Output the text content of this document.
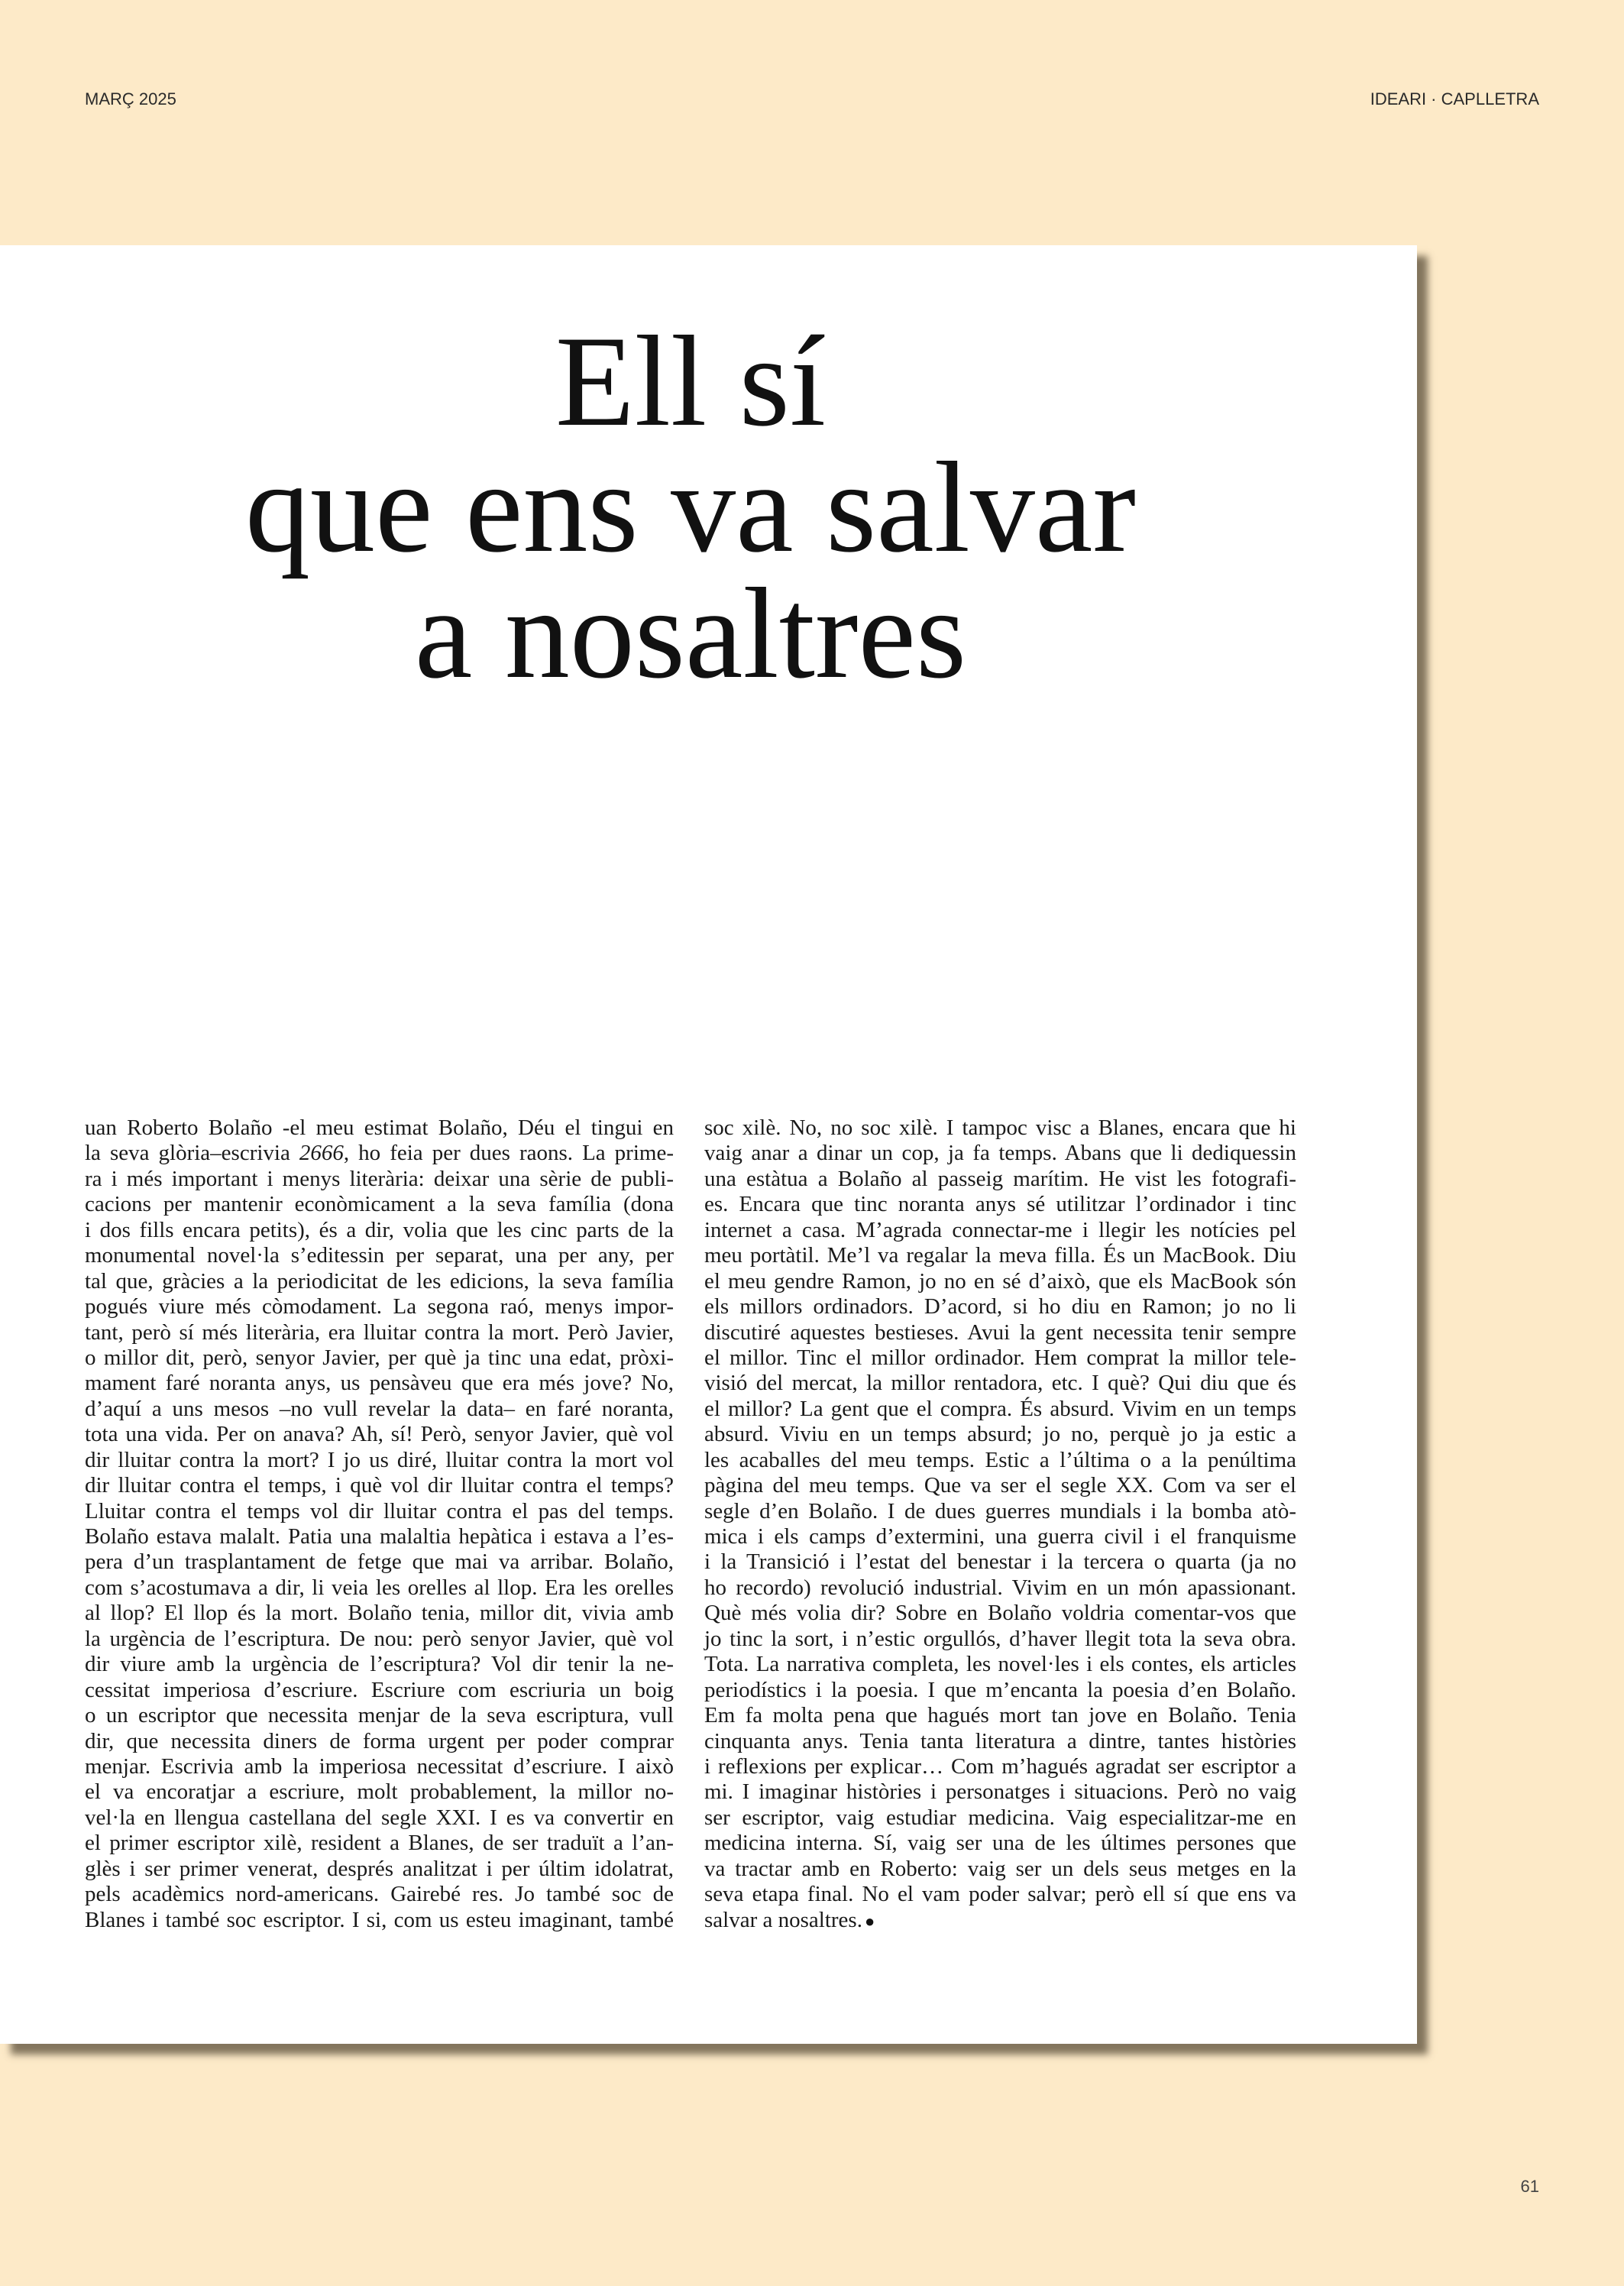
MARÇ 2025	IDEARI · CAPLLETRA
Ell sí
que ens va salvar
a nosaltres
uan Roberto Bolaño -el meu estimat Bolaño, Déu el tingui en
la seva glòria–escrivia 2666, ho feia per dues raons. La prime-
ra i més important i menys literària: deixar una sèrie de publi-
cacions per mantenir econòmicament a la seva família (dona
i dos fills encara petits), és a dir, volia que les cinc parts de la
monumental novel·la s’editessin per separat, una per any, per
tal que, gràcies a la periodicitat de les edicions, la seva família
pogués viure més còmodament. La segona raó, menys impor-
tant, però sí més literària, era lluitar contra la mort. Però Javier,
o millor dit, però, senyor Javier, per què ja tinc una edat, pròxi-
mament faré noranta anys, us pensàveu que era més jove? No,
d’aquí a uns mesos –no vull revelar la data– en faré noranta,
tota una vida. Per on anava? Ah, sí! Però, senyor Javier, què vol
dir lluitar contra la mort? I jo us diré, lluitar contra la mort vol
dir lluitar contra el temps, i què vol dir lluitar contra el temps?
Lluitar contra el temps vol dir lluitar contra el pas del temps.
Bolaño estava malalt. Patia una malaltia hepàtica i estava a l’es-
pera d’un trasplantament de fetge que mai va arribar. Bolaño,
com s’acostumava a dir, li veia les orelles al llop. Era les orelles
al llop? El llop és la mort. Bolaño tenia, millor dit, vivia amb
la urgència de l’escriptura. De nou: però senyor Javier, què vol
dir viure amb la urgència de l’escriptura? Vol dir tenir la ne-
cessitat imperiosa d’escriure. Escriure com escriuria un boig
o un escriptor que necessita menjar de la seva escriptura, vull
dir, que necessita diners de forma urgent per poder comprar
menjar. Escrivia amb la imperiosa necessitat d’escriure. I això
el va encoratjar a escriure, molt probablement, la millor no-
vel·la en llengua castellana del segle XXI. I es va convertir en
el primer escriptor xilè, resident a Blanes, de ser traduït a l’an-
glès i ser primer venerat, després analitzat i per últim idolatrat,
pels acadèmics nord-americans. Gairebé res. Jo també soc de
Blanes i també soc escriptor. I si, com us esteu imaginant, també
soc xilè. No, no soc xilè. I tampoc visc a Blanes, encara que hi
vaig anar a dinar un cop, ja fa temps. Abans que li dediquessin
una estàtua a Bolaño al passeig marítim. He vist les fotografi-
es. Encara que tinc noranta anys sé utilitzar l’ordinador i tinc
internet a casa. M’agrada connectar-me i llegir les notícies pel
meu portàtil. Me’l va regalar la meva filla. És un MacBook. Diu
el meu gendre Ramon, jo no en sé d’això, que els MacBook són
els millors ordinadors. D’acord, si ho diu en Ramon; jo no li
discutiré aquestes bestieses. Avui la gent necessita tenir sempre
el millor. Tinc el millor ordinador. Hem comprat la millor tele-
visió del mercat, la millor rentadora, etc. I què? Qui diu que és
el millor? La gent que el compra. És absurd. Vivim en un temps
absurd. Viviu en un temps absurd; jo no, perquè jo ja estic a
les acaballes del meu temps. Estic a l’última o a la penúltima
pàgina del meu temps. Que va ser el segle XX. Com va ser el
segle d’en Bolaño. I de dues guerres mundials i la bomba atò-
mica i els camps d’extermini, una guerra civil i el franquisme
i la Transició i l’estat del benestar i la tercera o quarta (ja no
ho recordo) revolució industrial. Vivim en un món apassionant.
Què més volia dir? Sobre en Bolaño voldria comentar-vos que
jo tinc la sort, i n’estic orgullós, d’haver llegit tota la seva obra.
Tota. La narrativa completa, les novel·les i els contes, els articles
periodístics i la poesia. I que m’encanta la poesia d’en Bolaño.
Em fa molta pena que hagués mort tan jove en Bolaño. Tenia
cinquanta anys. Tenia tanta literatura a dintre, tantes històries
i reflexions per explicar… Com m’hagués agradat ser escriptor a
mi. I imaginar històries i personatges i situacions. Però no vaig
ser escriptor, vaig estudiar medicina. Vaig especialitzar-me en
medicina interna. Sí, vaig ser una de les últimes persones que
va tractar amb en Roberto: vaig ser un dels seus metges en la
seva etapa final. No el vam poder salvar; però ell sí que ens va
salvar a nosaltres. ●
61
